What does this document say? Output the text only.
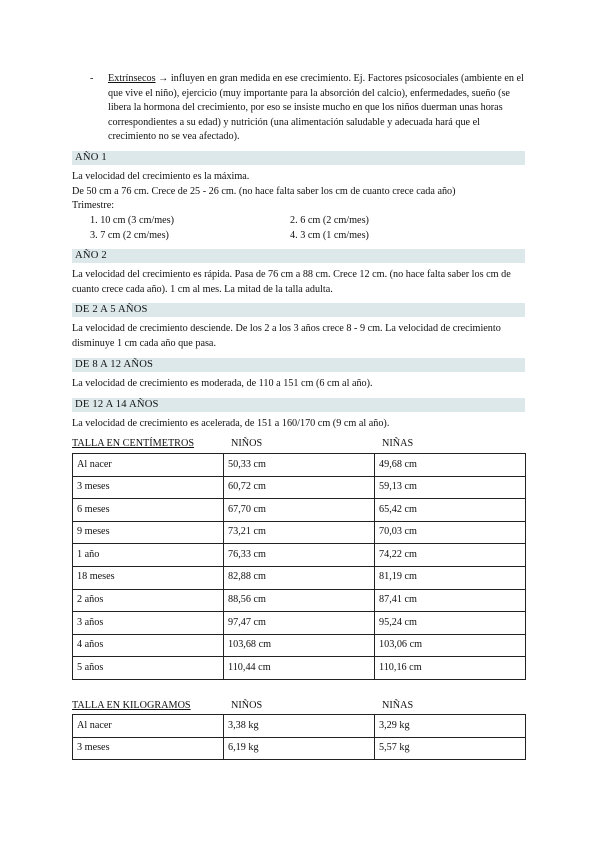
- Extrínsecos → influyen en gran medida en ese crecimiento. Ej. Factores psicosociales (ambiente en el que vive el niño), ejercicio (muy importante para la absorción del calcio), enfermedades, sueño (se libera la hormona del crecimiento, por eso se insiste mucho en que los niños duerman unas horas correspondientes a su edad) y nutrición (una alimentación saludable y adecuada hará que el crecimiento no se vea afectado).
AÑO 1
La velocidad del crecimiento es la máxima.
De 50 cm a 76 cm. Crece de 25 - 26 cm. (no hace falta saber los cm de cuanto crece cada año)
Trimestre:
1. 10 cm (3 cm/mes)	2. 6 cm (2 cm/mes)
3. 7 cm (2 cm/mes)	4. 3 cm (1 cm/mes)
AÑO 2
La velocidad del crecimiento es rápida. Pasa de 76 cm a 88 cm. Crece 12 cm. (no hace falta saber los cm de cuanto crece cada año). 1 cm al mes. La mitad de la talla adulta.
DE 2 A 5 AÑOS
La velocidad de crecimiento desciende. De los 2 a los 3 años crece 8 - 9 cm. La velocidad de crecimiento disminuye 1 cm cada año que pasa.
DE 8 A 12 AÑOS
La velocidad de crecimiento es moderada, de 110 a 151 cm (6 cm al año).
DE 12 A 14 AÑOS
La velocidad de crecimiento es acelerada, de 151 a 160/170 cm (9 cm al año).
TALLA EN CENTÍMETROS	NIÑOS	NIÑAS
Al nacer	50,33 cm	49,68 cm
3 meses	60,72 cm	59,13 cm
6 meses	67,70 cm	65,42 cm
9 meses	73,21 cm	70,03 cm
1 año	76,33 cm	74,22 cm
18 meses	82,88 cm	81,19 cm
2 años	88,56 cm	87,41 cm
3 años	97,47 cm	95,24 cm
4 años	103,68 cm	103,06 cm
5 años	110,44 cm	110,16 cm
TALLA EN KILOGRAMOS	NIÑOS	NIÑAS
Al nacer	3,38 kg	3,29 kg
3 meses	6,19 kg	5,57 kg
